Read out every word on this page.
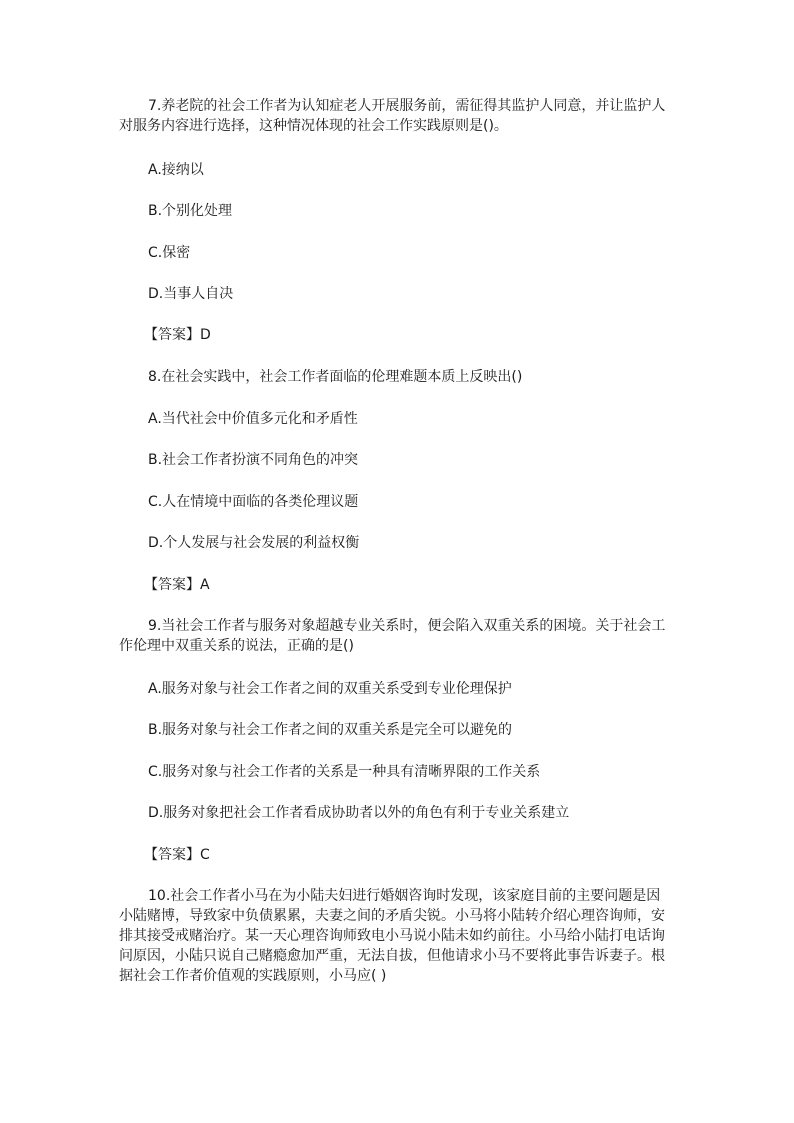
7.养老院的社会工作者为认知症老人开展服务前，需征得其监护人同意，并让监护人对服务内容进行选择，这种情况体现的社会工作实践原则是()。
A.接纳以
B.个别化处理
C.保密
D.当事人自决
【答案】D
8.在社会实践中，社会工作者面临的伦理难题本质上反映出()
A.当代社会中价值多元化和矛盾性
B.社会工作者扮演不同角色的冲突
C.人在情境中面临的各类伦理议题
D.个人发展与社会发展的利益权衡
【答案】A
9.当社会工作者与服务对象超越专业关系时，便会陷入双重关系的困境。关于社会工作伦理中双重关系的说法，正确的是()
A.服务对象与社会工作者之间的双重关系受到专业伦理保护
B.服务对象与社会工作者之间的双重关系是完全可以避免的
C.服务对象与社会工作者的关系是一种具有清晰界限的工作关系
D.服务对象把社会工作者看成协助者以外的角色有利于专业关系建立
【答案】C
10.社会工作者小马在为小陆夫妇进行婚姻咨询时发现，该家庭目前的主要问题是因小陆赌博，导致家中负债累累，夫妻之间的矛盾尖锐。小马将小陆转介绍心理咨询师，安排其接受戒赌治疗。某一天心理咨询师致电小马说小陆未如约前往。小马给小陆打电话询问原因，小陆只说自己赌瘾愈加严重，无法自拔，但他请求小马不要将此事告诉妻子。根据社会工作者价值观的实践原则，小马应( )
